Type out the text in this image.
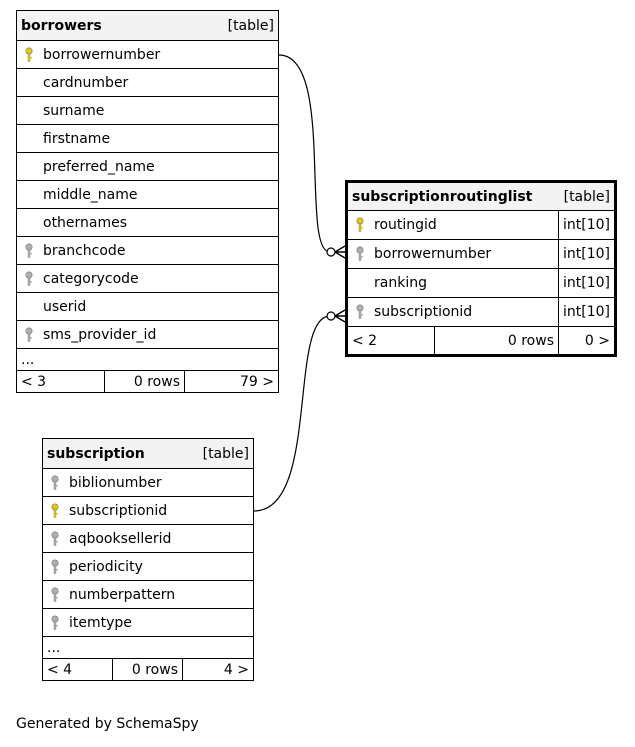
borrowers	[table]

borrowernumber
cardnumber
surname
firstname
preferred_name
middle_name
othernames

branchcode

categorycode
userid

sms_provider_id
...
< 3	0 rows	79 >
subscriptionroutinglist [table]		

routingid		int[10]

borrowernumber		int[10]
ranking		int[10]

subscriptionid		int[10]
< 2	0 rows	0 >
subscription	[table]

biblionumber

subscriptionid

aqbooksellerid

periodicity

numberpattern

itemtype
...
< 4	0 rows	4 >
Generated by SchemaSpy
